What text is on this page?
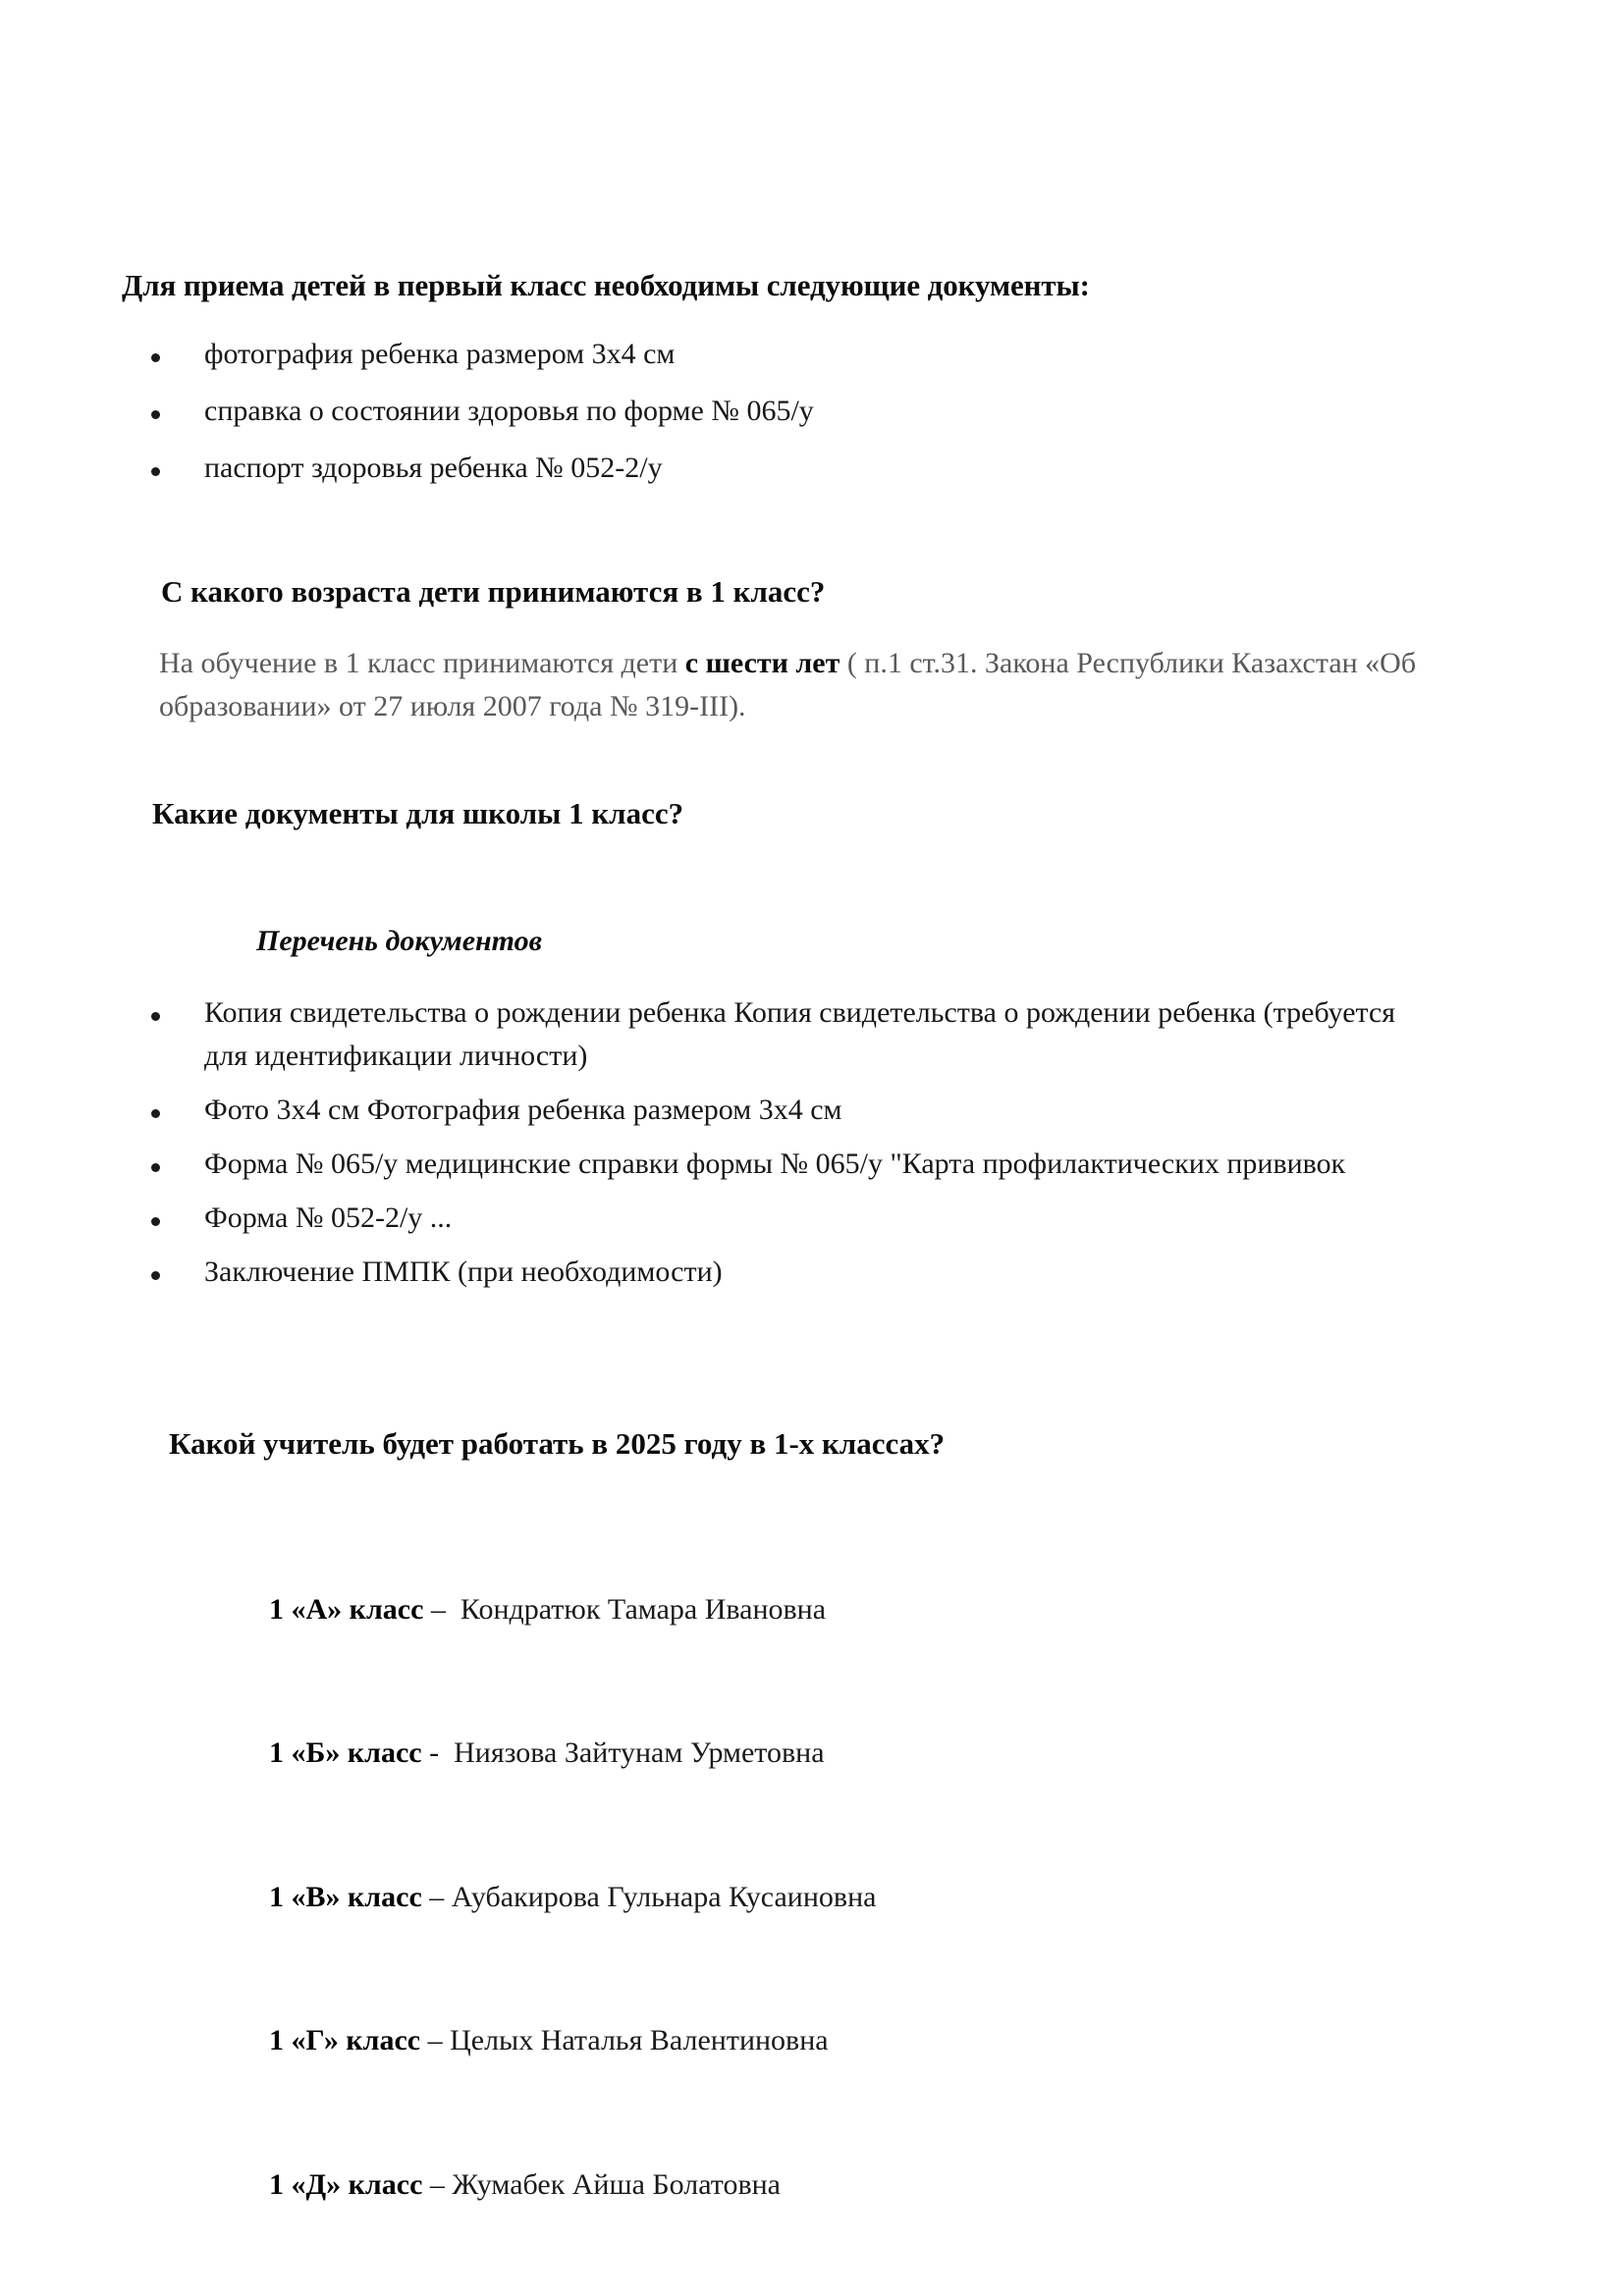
Для приема детей в первый класс необходимы следующие документы:
фотография ребенка размером 3х4 см
справка о состоянии здоровья по форме № 065/у
паспорт здоровья ребенка № 052-2/у
С какого возраста дети принимаются в 1 класс?
На обучение в 1 класс принимаются дети с шести лет ( п.1 ст.31. Закона Республики Казахстан «Об образовании» от 27 июля 2007 года № 319-III).
Какие документы для школы 1 класс?
Перечень документов
Копия свидетельства о рождении ребенка Копия свидетельства о рождении ребенка (требуется для идентификации личности)
Фото 3х4 см Фотография ребенка размером 3х4 см
Форма № 065/у медицинские справки формы № 065/у "Карта профилактических прививок
Форма № 052-2/у ...
Заключение ПМПК (при необходимости)
Какой учитель будет работать в 2025 году в 1-х классах?

1 «А» класс –  Кондратюк Тамара Ивановна

1 «Б» класс -  Ниязова Зайтунам Урметовна

1 «В» класс – Аубакирова Гульнара Кусаиновна

1 «Г» класс – Целых Наталья Валентиновна

1 «Д» класс – Жумабек Айша Болатовна
